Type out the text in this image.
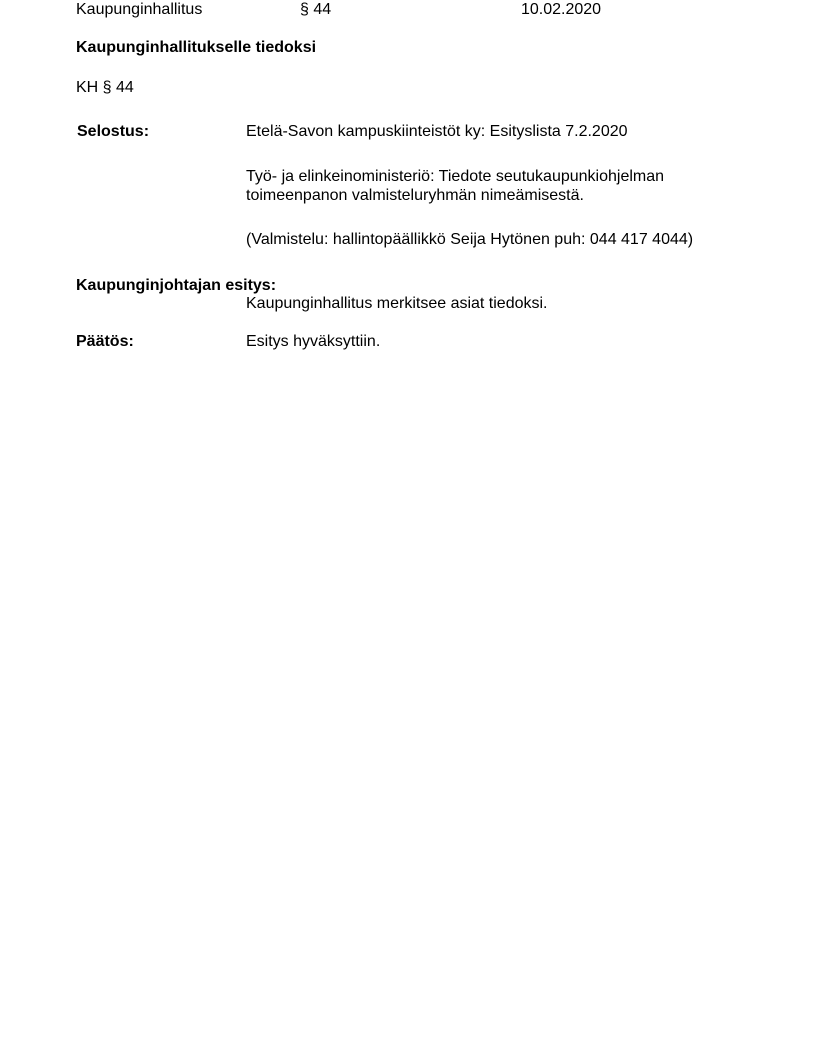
Kaupunginhallitus	§ 44	10.02.2020
Kaupunginhallitukselle tiedoksi
KH § 44
Selostus:	Etelä-Savon kampuskiinteistöt ky: Esityslista 7.2.2020
Työ- ja elinkeinoministeriö: Tiedote seutukaupunkiohjelman
toimeenpanon valmisteluryhmän nimeämisestä.
(Valmistelu: hallintopäällikkö Seija Hytönen puh: 044 417 4044)
Kaupunginjohtajan esitys:
Kaupunginhallitus merkitsee asiat tiedoksi.
Päätös:	Esitys hyväksyttiin.
